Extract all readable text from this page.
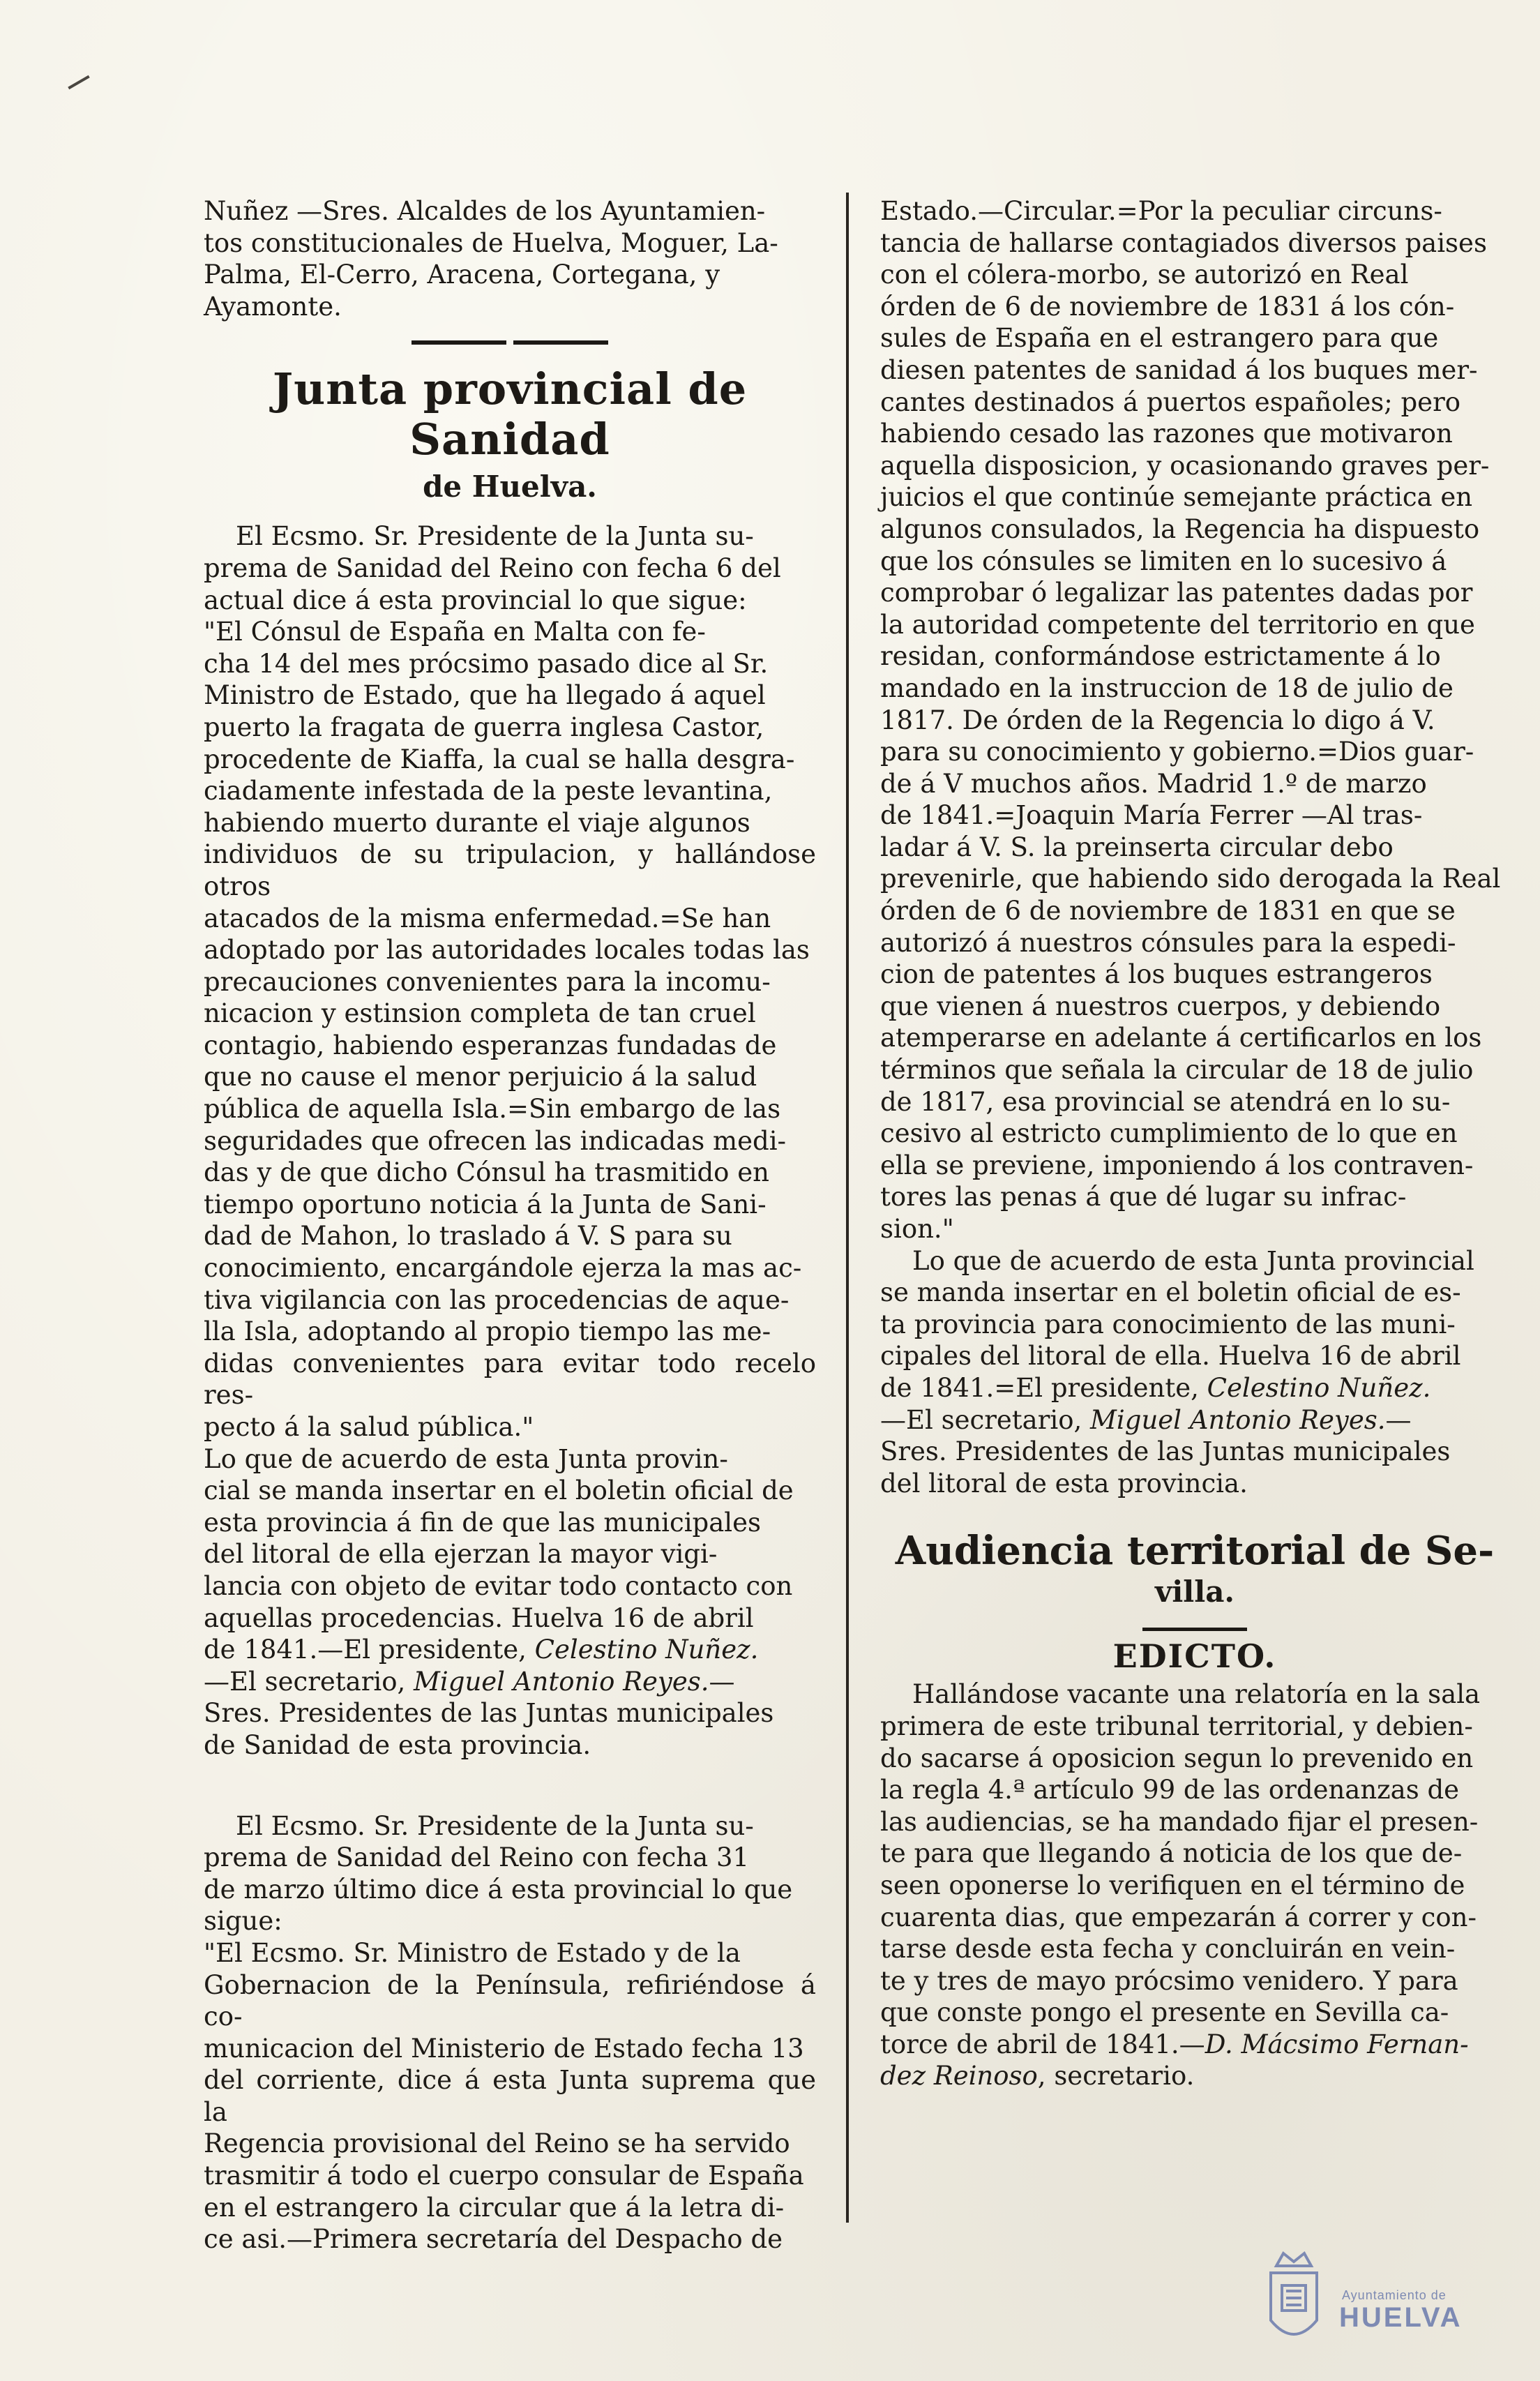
Nuñez —Sres. Alcaldes de los Ayuntamien-
tos constitucionales de Huelva, Moguer, La-
Palma, El-Cerro, Aracena, Cortegana, y
Ayamonte.

Junta provincial de Sanidad
de Huelva.

El Ecsmo. Sr. Presidente de la Junta su-
prema de Sanidad del Reino con fecha 6 del
actual dice á esta provincial lo que sigue:
"El Cónsul de España en Malta con fe-
cha 14 del mes prócsimo pasado dice al Sr.
Ministro de Estado, que ha llegado á aquel
puerto la fragata de guerra inglesa Castor,
procedente de Kiaffa, la cual se halla desgra-
ciadamente infestada de la peste levantina,
habiendo muerto durante el viaje algunos
individuos de su tripulacion, y hallándose otros
atacados de la misma enfermedad.=Se han
adoptado por las autoridades locales todas las
precauciones convenientes para la incomu-
nicacion y estinsion completa de tan cruel
contagio, habiendo esperanzas fundadas de
que no cause el menor perjuicio á la salud
pública de aquella Isla.=Sin embargo de las
seguridades que ofrecen las indicadas medi-
das y de que dicho Cónsul ha trasmitido en
tiempo oportuno noticia á la Junta de Sani-
dad de Mahon, lo traslado á V. S para su
conocimiento, encargándole ejerza la mas ac-
tiva vigilancia con las procedencias de aque-
lla Isla, adoptando al propio tiempo las me-
didas convenientes para evitar todo recelo res-
pecto á la salud pública."
Lo que de acuerdo de esta Junta provin-
cial se manda insertar en el boletin oficial de
esta provincia á fin de que las municipales
del litoral de ella ejerzan la mayor vigi-
lancia con objeto de evitar todo contacto con
aquellas procedencias. Huelva 16 de abril
de 1841.—El presidente, Celestino Nuñez.
—El secretario, Miguel Antonio Reyes.—
Sres. Presidentes de las Juntas municipales
de Sanidad de esta provincia.

El Ecsmo. Sr. Presidente de la Junta su-
prema de Sanidad del Reino con fecha 31
de marzo último dice á esta provincial lo que
sigue:
"El Ecsmo. Sr. Ministro de Estado y de la
Gobernacion de la Península, refiriéndose á co-
municacion del Ministerio de Estado fecha 13
del corriente, dice á esta Junta suprema que la
Regencia provisional del Reino se ha servido
trasmitir á todo el cuerpo consular de España
en el estrangero la circular que á la letra di-
ce asi.—Primera secretaría del Despacho de

Estado.—Circular.=Por la peculiar circuns-
tancia de hallarse contagiados diversos paises
con el cólera-morbo, se autorizó en Real
órden de 6 de noviembre de 1831 á los cón-
sules de España en el estrangero para que
diesen patentes de sanidad á los buques mer-
cantes destinados á puertos españoles; pero
habiendo cesado las razones que motivaron
aquella disposicion, y ocasionando graves per-
juicios el que continúe semejante práctica en
algunos consulados, la Regencia ha dispuesto
que los cónsules se limiten en lo sucesivo á
comprobar ó legalizar las patentes dadas por
la autoridad competente del territorio en que
residan, conformándose estrictamente á lo
mandado en la instruccion de 18 de julio de
1817. De órden de la Regencia lo digo á V.
para su conocimiento y gobierno.=Dios guar-
de á V muchos años. Madrid 1.º de marzo
de 1841.=Joaquin María Ferrer —Al tras-
ladar á V. S. la preinserta circular debo
prevenirle, que habiendo sido derogada la Real
órden de 6 de noviembre de 1831 en que se
autorizó á nuestros cónsules para la espedi-
cion de patentes á los buques estrangeros
que vienen á nuestros cuerpos, y debiendo
atemperarse en adelante á certificarlos en los
términos que señala la circular de 18 de julio
de 1817, esa provincial se atendrá en lo su-
cesivo al estricto cumplimiento de lo que en
ella se previene, imponiendo á los contraven-
tores las penas á que dé lugar su infrac-
sion."
Lo que de acuerdo de esta Junta provincial
se manda insertar en el boletin oficial de es-
ta provincia para conocimiento de las muni-
cipales del litoral de ella. Huelva 16 de abril
de 1841.=El presidente, Celestino Nuñez.
—El secretario, Miguel Antonio Reyes.—
Sres. Presidentes de las Juntas municipales
del litoral de esta provincia.

Audiencia territorial de Se-
villa.
EDICTO.

Hallándose vacante una relatoría en la sala
primera de este tribunal territorial, y debien-
do sacarse á oposicion segun lo prevenido en
la regla 4.ª artículo 99 de las ordenanzas de
las audiencias, se ha mandado fijar el presen-
te para que llegando á noticia de los que de-
seen oponerse lo verifiquen en el término de
cuarenta dias, que empezarán á correr y con-
tarse desde esta fecha y concluirán en vein-
te y tres de mayo prócsimo venidero. Y para
que conste pongo el presente en Sevilla ca-
torce de abril de 1841.—D. Mácsimo Fernan-
dez Reinoso, secretario.

Ayuntamiento de
HUELVA
